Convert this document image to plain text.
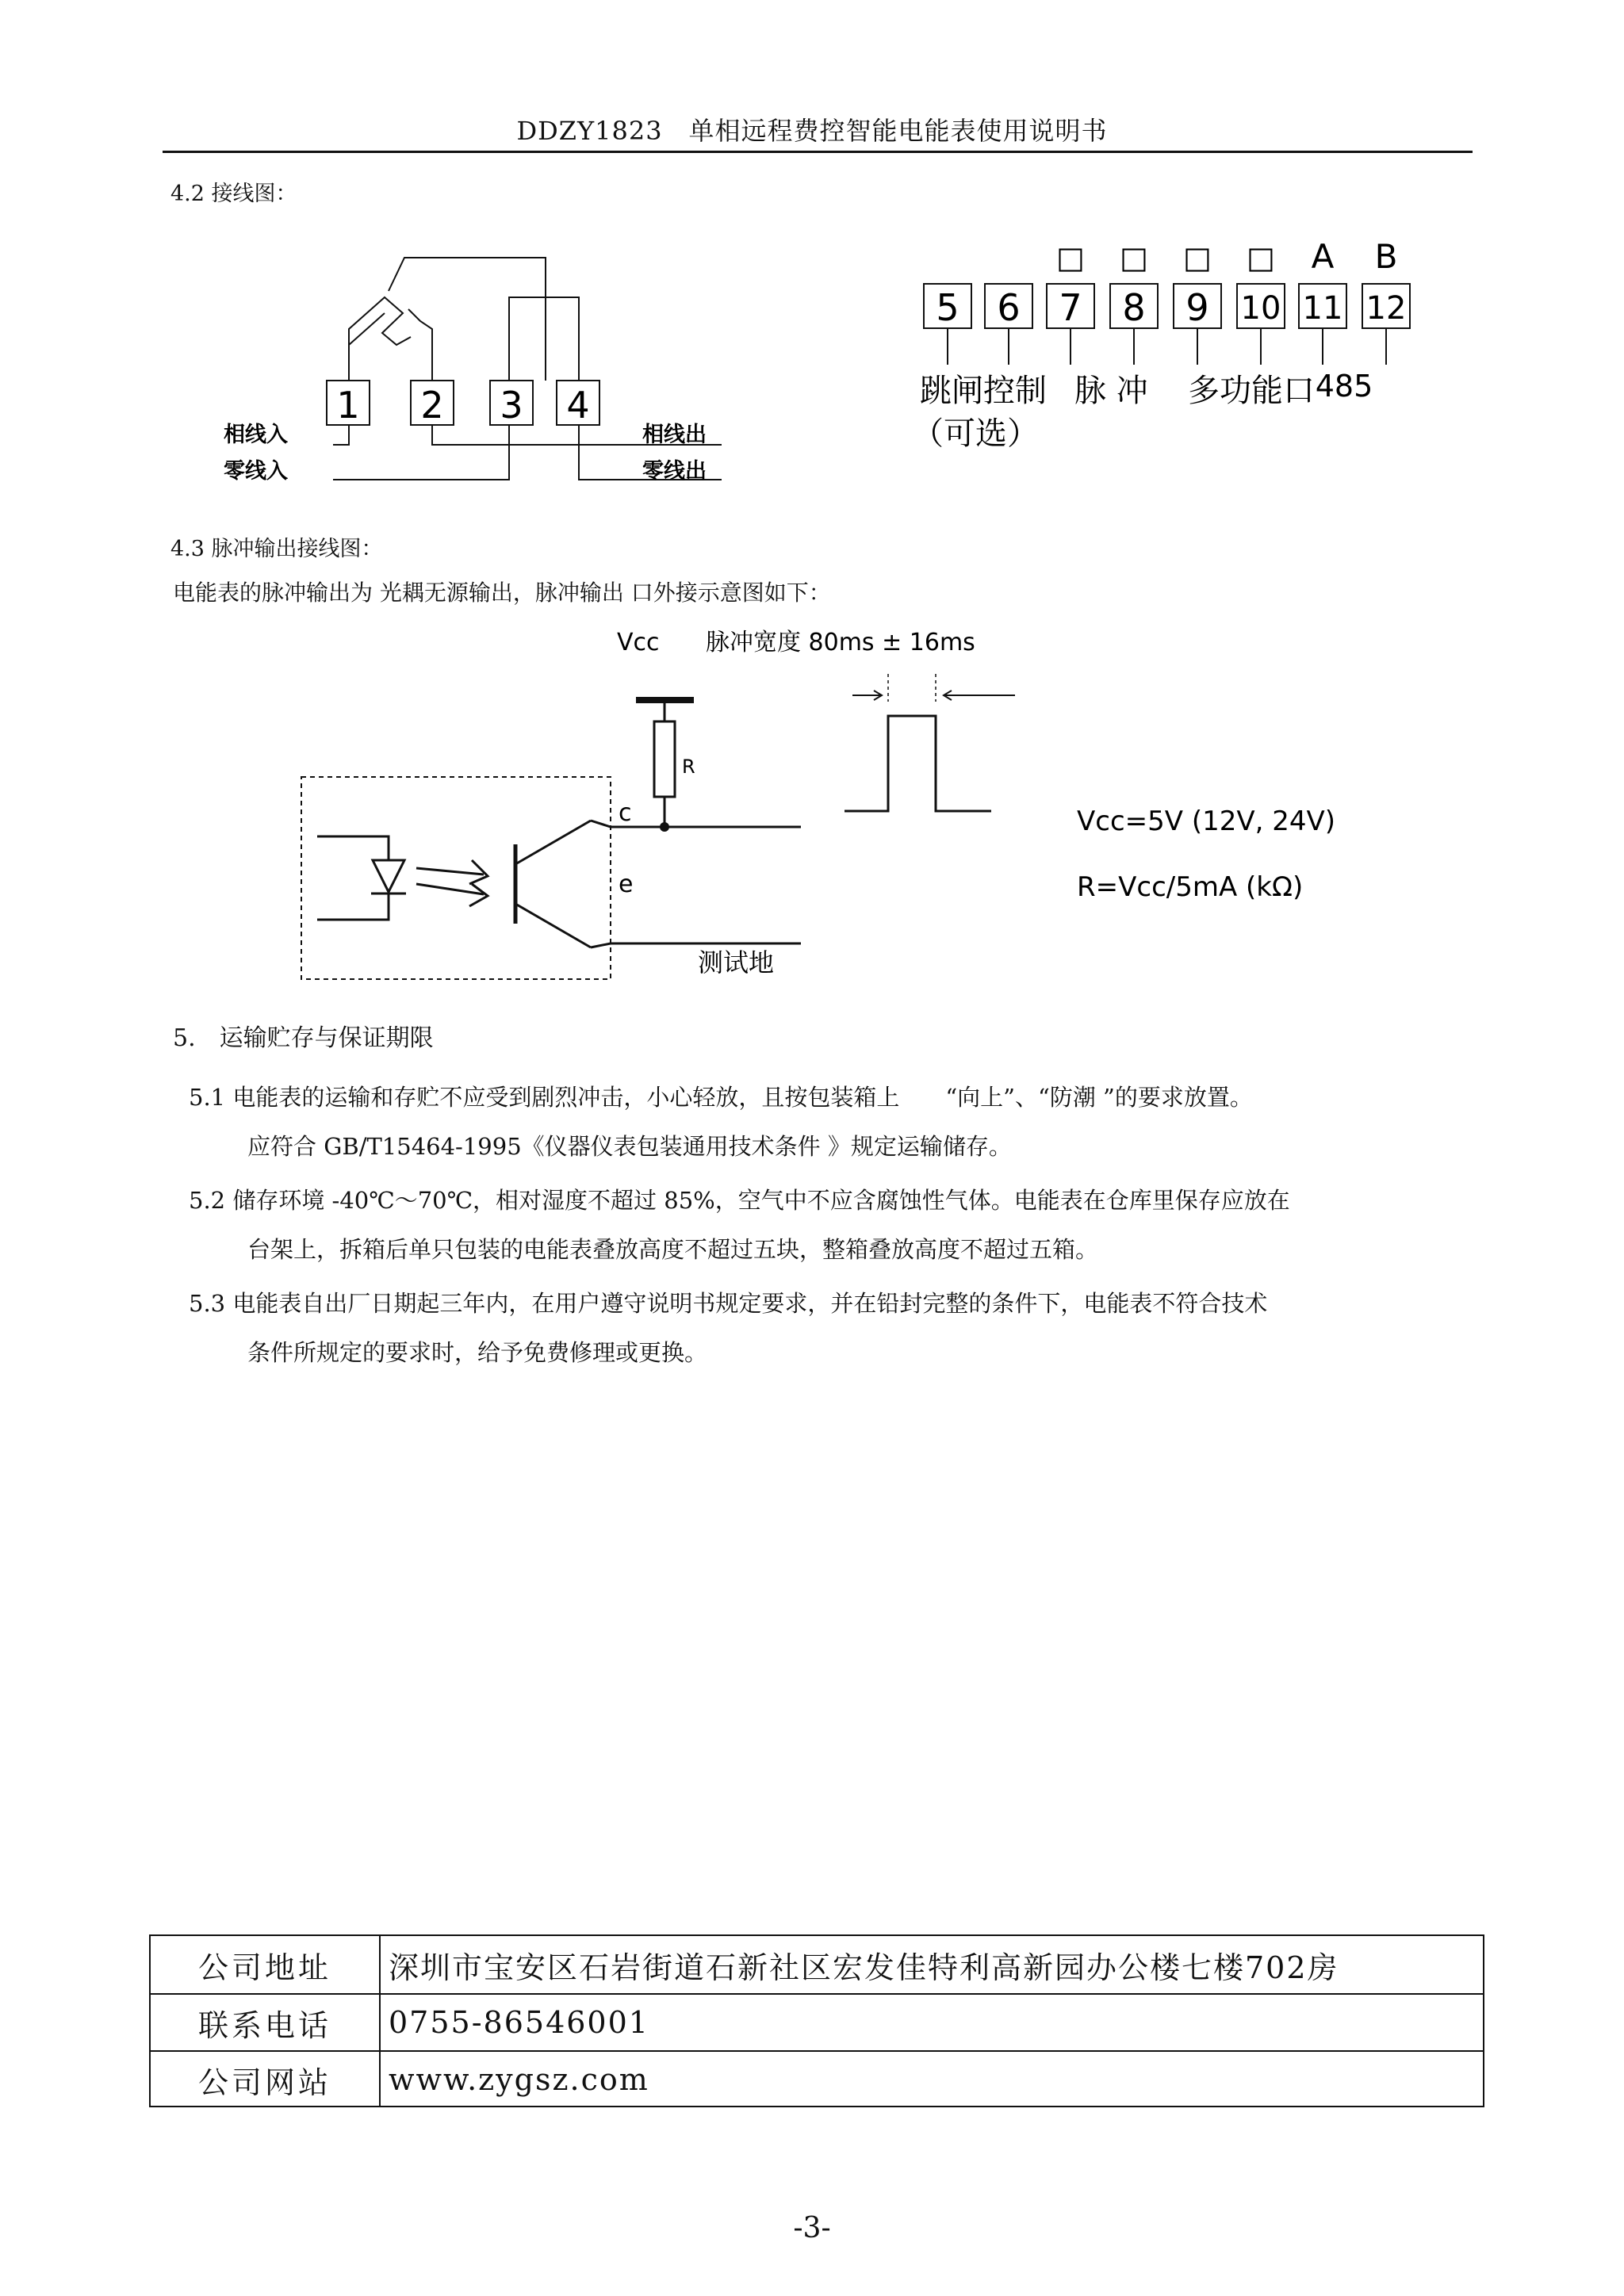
DDZY1823　单相远程费控智能电能表使用说明书
4.2 接线图：
1 2 3 4
相线入
零线入
相线出
零线出
□ □ □ □ A B
5 6 7 8 9 10 11 12
跳闸控制
（可选）
脉 冲 多功能口 485
4.3 脉冲输出接线图：
电能表的脉冲输出为 光耦无源输出，脉冲输出 口外接示意图如下：
Vcc 脉冲宽度 80ms ± 16ms
R
c
e
测试地
Vcc=5V (12V, 24V)
R=Vcc/5mA (kΩ)
5.　运输贮存与保证期限
5.1 电能表的运输和存贮不应受到剧烈冲击，小心轻放，且按包装箱上　　“向上”、“防潮 ”的要求放置。
应符合 GB/T15464-1995《仪器仪表包装通用技术条件 》规定运输储存。
5.2 储存环境 -40℃～70℃，相对湿度不超过 85%，空气中不应含腐蚀性气体。电能表在仓库里保存应放在
台架上，拆箱后单只包装的电能表叠放高度不超过五块，整箱叠放高度不超过五箱。
5.3 电能表自出厂日期起三年内，在用户遵守说明书规定要求，并在铅封完整的条件下，电能表不符合技术
条件所规定的要求时，给予免费修理或更换。
公司地址	深圳市宝安区石岩街道石新社区宏发佳特利高新园办公楼七楼702房
联系电话	0755-86546001
公司网站	www.zygsz.com
-3-
